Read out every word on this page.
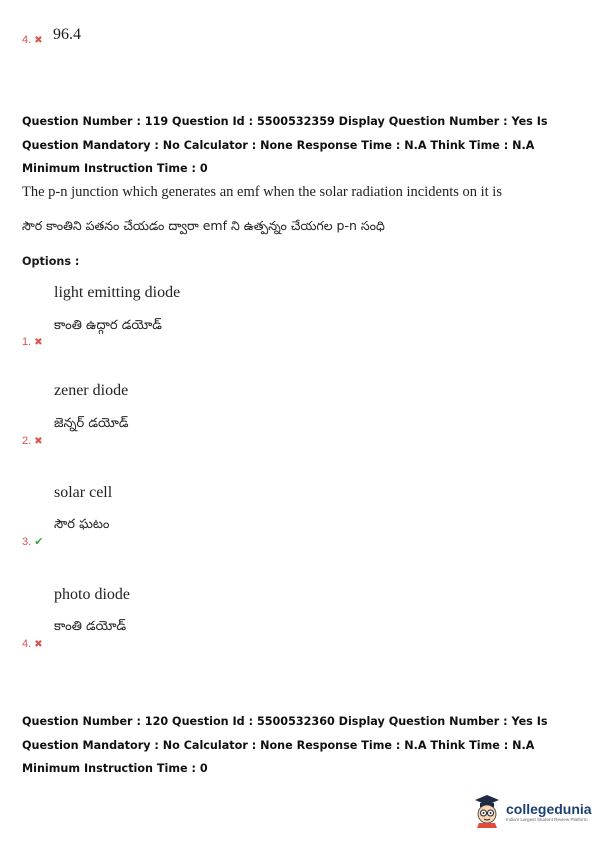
4. ✖ 96.4
Question Number : 119 Question Id : 5500532359 Display Question Number : Yes Is Question Mandatory : No Calculator : None Response Time : N.A Think Time : N.A Minimum Instruction Time : 0
The p-n junction which generates an emf when the solar radiation incidents on it is
సౌర కాంతిని పతనం చేయడం ద్వారా emf ని ఉత్పన్నం చేయగల p-n సంధి
Options :
light emitting diode
కాంతి ఉద్గార డయోడ్
1. ✖
zener diode
జెన్నర్ డయోడ్
2. ✖
solar cell
సౌర ఘటం
3. ✔
photo diode
కాంతి డయోడ్
4. ✖
Question Number : 120 Question Id : 5500532360 Display Question Number : Yes Is Question Mandatory : No Calculator : None Response Time : N.A Think Time : N.A Minimum Instruction Time : 0
collegedunia
India's Largest Student Review Platform
